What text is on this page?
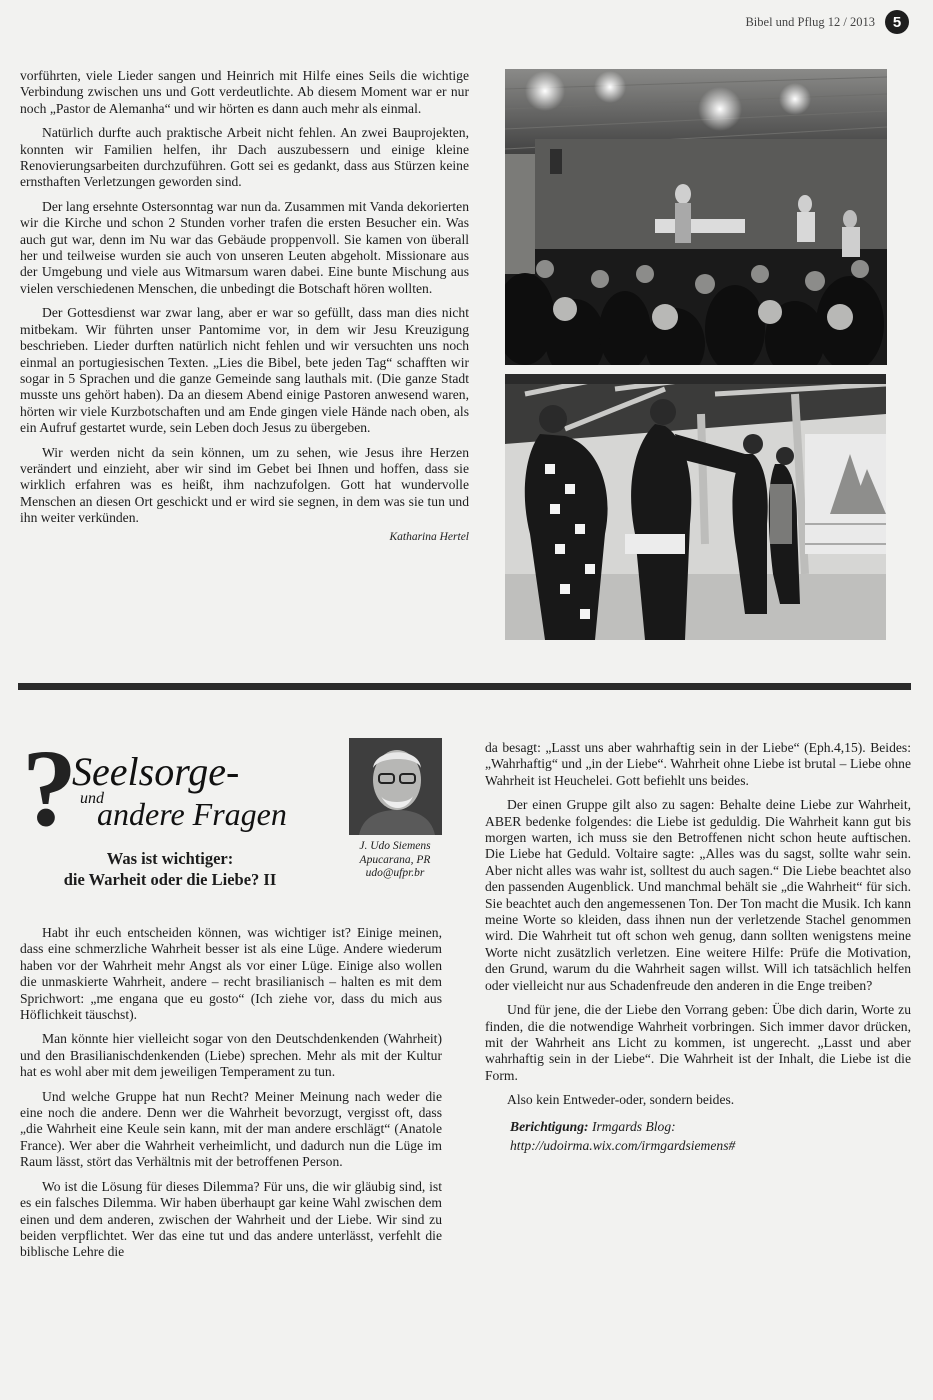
Bibel und Pflug 12 / 2013	5

vorführten, viele Lieder sangen und Heinrich mit Hilfe eines Seils die wichtige Verbindung zwischen uns und Gott verdeutlichte. Ab diesem Moment war er nur noch „Pastor de Alemanha“ und wir hörten es dann auch mehr als einmal.

Natürlich durfte auch praktische Arbeit nicht fehlen. An zwei Bauprojekten, konnten wir Familien helfen, ihr Dach auszubessern und einige kleine Renovierungsarbeiten durchzuführen. Gott sei es gedankt, dass aus Stürzen keine ernsthaften Verletzungen geworden sind.

Der lang ersehnte Ostersonntag war nun da. Zusammen mit Vanda dekorierten wir die Kirche und schon 2 Stunden vorher trafen die ersten Besucher ein. Was auch gut war, denn im Nu war das Gebäude proppenvoll. Sie kamen von überall her und teilweise wurden sie auch von unseren Leuten abgeholt. Missionare aus der Umgebung und viele aus Witmarsum waren dabei. Eine bunte Mischung aus vielen verschiedenen Menschen, die unbedingt die Botschaft hören wollten.

Der Gottesdienst war zwar lang, aber er war so gefüllt, dass man dies nicht mitbekam. Wir führten unser Pantomime vor, in dem wir Jesu Kreuzigung beschrieben. Lieder durften natürlich nicht fehlen und wir versuchten uns noch einmal an portugiesischen Texten. „Lies die Bibel, bete jeden Tag“ schafften wir sogar in 5 Sprachen und die ganze Gemeinde sang lauthals mit. (Die ganze Stadt musste uns gehört haben). Da an diesem Abend einige Pastoren anwesend waren, hörten wir viele Kurzbotschaften und am Ende gingen viele Hände nach oben, als ein Aufruf gestartet wurde, sein Leben doch Jesus zu übergeben.

Wir werden nicht da sein können, um zu sehen, wie Jesus ihre Herzen verändert und einzieht, aber wir sind im Gebet bei Ihnen und hoffen, dass sie wirklich erfahren was es heißt, ihm nachzufolgen. Gott hat wundervolle Menschen an diesen Ort geschickt und er wird sie segnen, in dem was sie tun und ihn weiter verkünden.

Katharina Hertel
?
Seelsorge-
und
andere Fragen
Was ist wichtiger:
die Warheit oder die Liebe? II
J. Udo Siemens
Apucarana, PR
udo@ufpr.br

Habt ihr euch entscheiden können, was wichtiger ist? Einige meinen, dass eine schmerzliche Wahrheit besser ist als eine Lüge. Andere wiederum haben vor der Wahrheit mehr Angst als vor einer Lüge. Einige also wollen die unmaskierte Wahrheit, andere – recht brasilianisch – halten es mit dem Sprichwort: „me engana que eu gosto“ (Ich ziehe vor, dass du mich aus Höflichkeit täuschst).

Man könnte hier vielleicht sogar von den Deutschdenkenden (Wahrheit) und den Brasilianischdenkenden (Liebe) sprechen. Mehr als mit der Kultur hat es wohl aber mit dem jeweiligen Temperament zu tun.

Und welche Gruppe hat nun Recht? Meiner Meinung nach weder die eine noch die andere. Denn wer die Wahrheit bevorzugt, vergisst oft, dass „die Wahrheit eine Keule sein kann, mit der man andere erschlägt“ (Anatole France). Wer aber die Wahrheit verheimlicht, und dadurch nun die Lüge im Raum lässt, stört das Verhältnis mit der betroffenen Person.

Wo ist die Lösung für dieses Dilemma? Für uns, die wir gläubig sind, ist es ein falsches Dilemma. Wir haben überhaupt gar keine Wahl zwischen dem einen und dem anderen, zwischen der Wahrheit und der Liebe. Wir sind zu beiden verpflichtet. Wer das eine tut und das andere unterlässt, verfehlt die biblische Lehre die

da besagt: „Lasst uns aber wahrhaftig sein in der Liebe“ (Eph.4,15). Beides: „Wahrhaftig“ und „in der Liebe“. Wahrheit ohne Liebe ist brutal – Liebe ohne Wahrheit ist Heuchelei. Gott befiehlt uns beides.

Der einen Gruppe gilt also zu sagen: Behalte deine Liebe zur Wahrheit, ABER bedenke folgendes: die Liebe ist geduldig. Die Wahrheit kann gut bis morgen warten, ich muss sie den Betroffenen nicht schon heute auftischen. Die Liebe hat Geduld. Voltaire sagte: „Alles was du sagst, sollte wahr sein. Aber nicht alles was wahr ist, solltest du auch sagen.“ Die Liebe beachtet also den passenden Augenblick. Und manchmal behält sie „die Wahrheit“ für sich. Sie beachtet auch den angemessenen Ton. Der Ton macht die Musik. Ich kann meine Worte so kleiden, dass ihnen nun der verletzende Stachel genommen wird. Die Wahrheit tut oft schon weh genug, dann sollten wenigstens meine Worte nicht zusätzlich verletzen. Eine weitere Hilfe: Prüfe die Motivation, den Grund, warum du die Wahrheit sagen willst. Will ich tatsächlich helfen oder vielleicht nur aus Schadenfreude den anderen in die Enge treiben?

Und für jene, die der Liebe den Vorrang geben: Übe dich darin, Worte zu finden, die die notwendige Wahrheit vorbringen. Sich immer davor drücken, mit der Wahrheit ans Licht zu kommen, ist ungerecht. „Lasst und aber wahrhaftig sein in der Liebe“. Die Wahrheit ist der Inhalt, die Liebe ist die Form.

Also kein Entweder-oder, sondern beides.

Berichtigung: Irmgards Blog:
http://udoirma.wix.com/irmgardsiemens#
